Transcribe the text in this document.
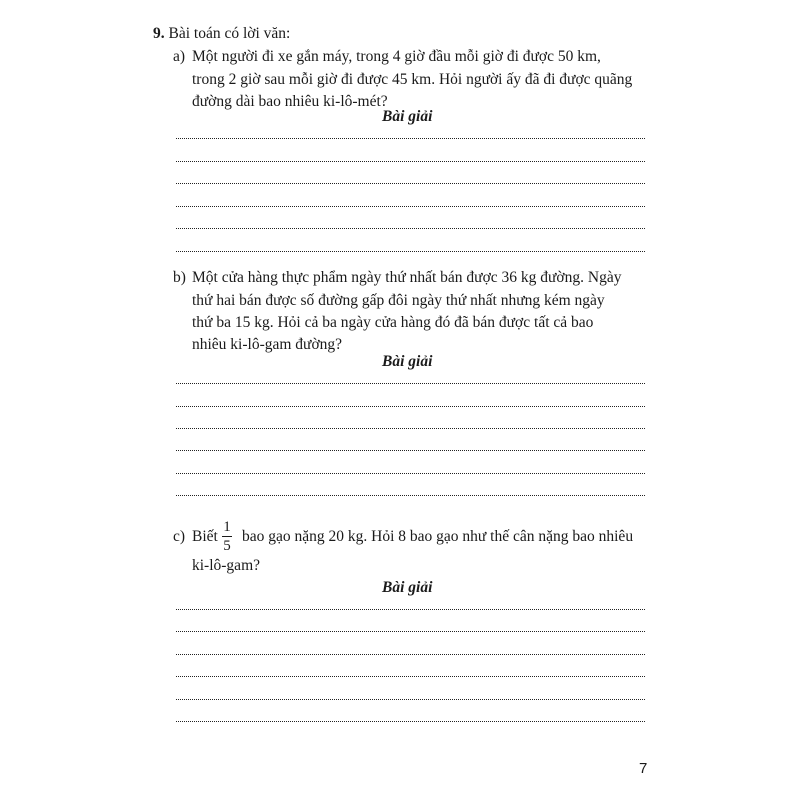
9. Bài toán có lời văn:
a) Một người đi xe gắn máy, trong 4 giờ đầu mỗi giờ đi được 50 km,
trong 2 giờ sau mỗi giờ đi được 45 km. Hỏi người ấy đã đi được quãng
đường dài bao nhiêu ki-lô-mét?
Bài giải
b) Một cửa hàng thực phẩm ngày thứ nhất bán được 36 kg đường. Ngày
thứ hai bán được số đường gấp đôi ngày thứ nhất nhưng kém ngày
thứ ba 15 kg. Hỏi cả ba ngày cửa hàng đó đã bán được tất cả bao
nhiêu ki-lô-gam đường?
Bài giải
c) Biết
1
5
bao gạo nặng 20 kg. Hỏi 8 bao gạo như thế cân nặng bao nhiêu
ki-lô-gam?
Bài giải
7
